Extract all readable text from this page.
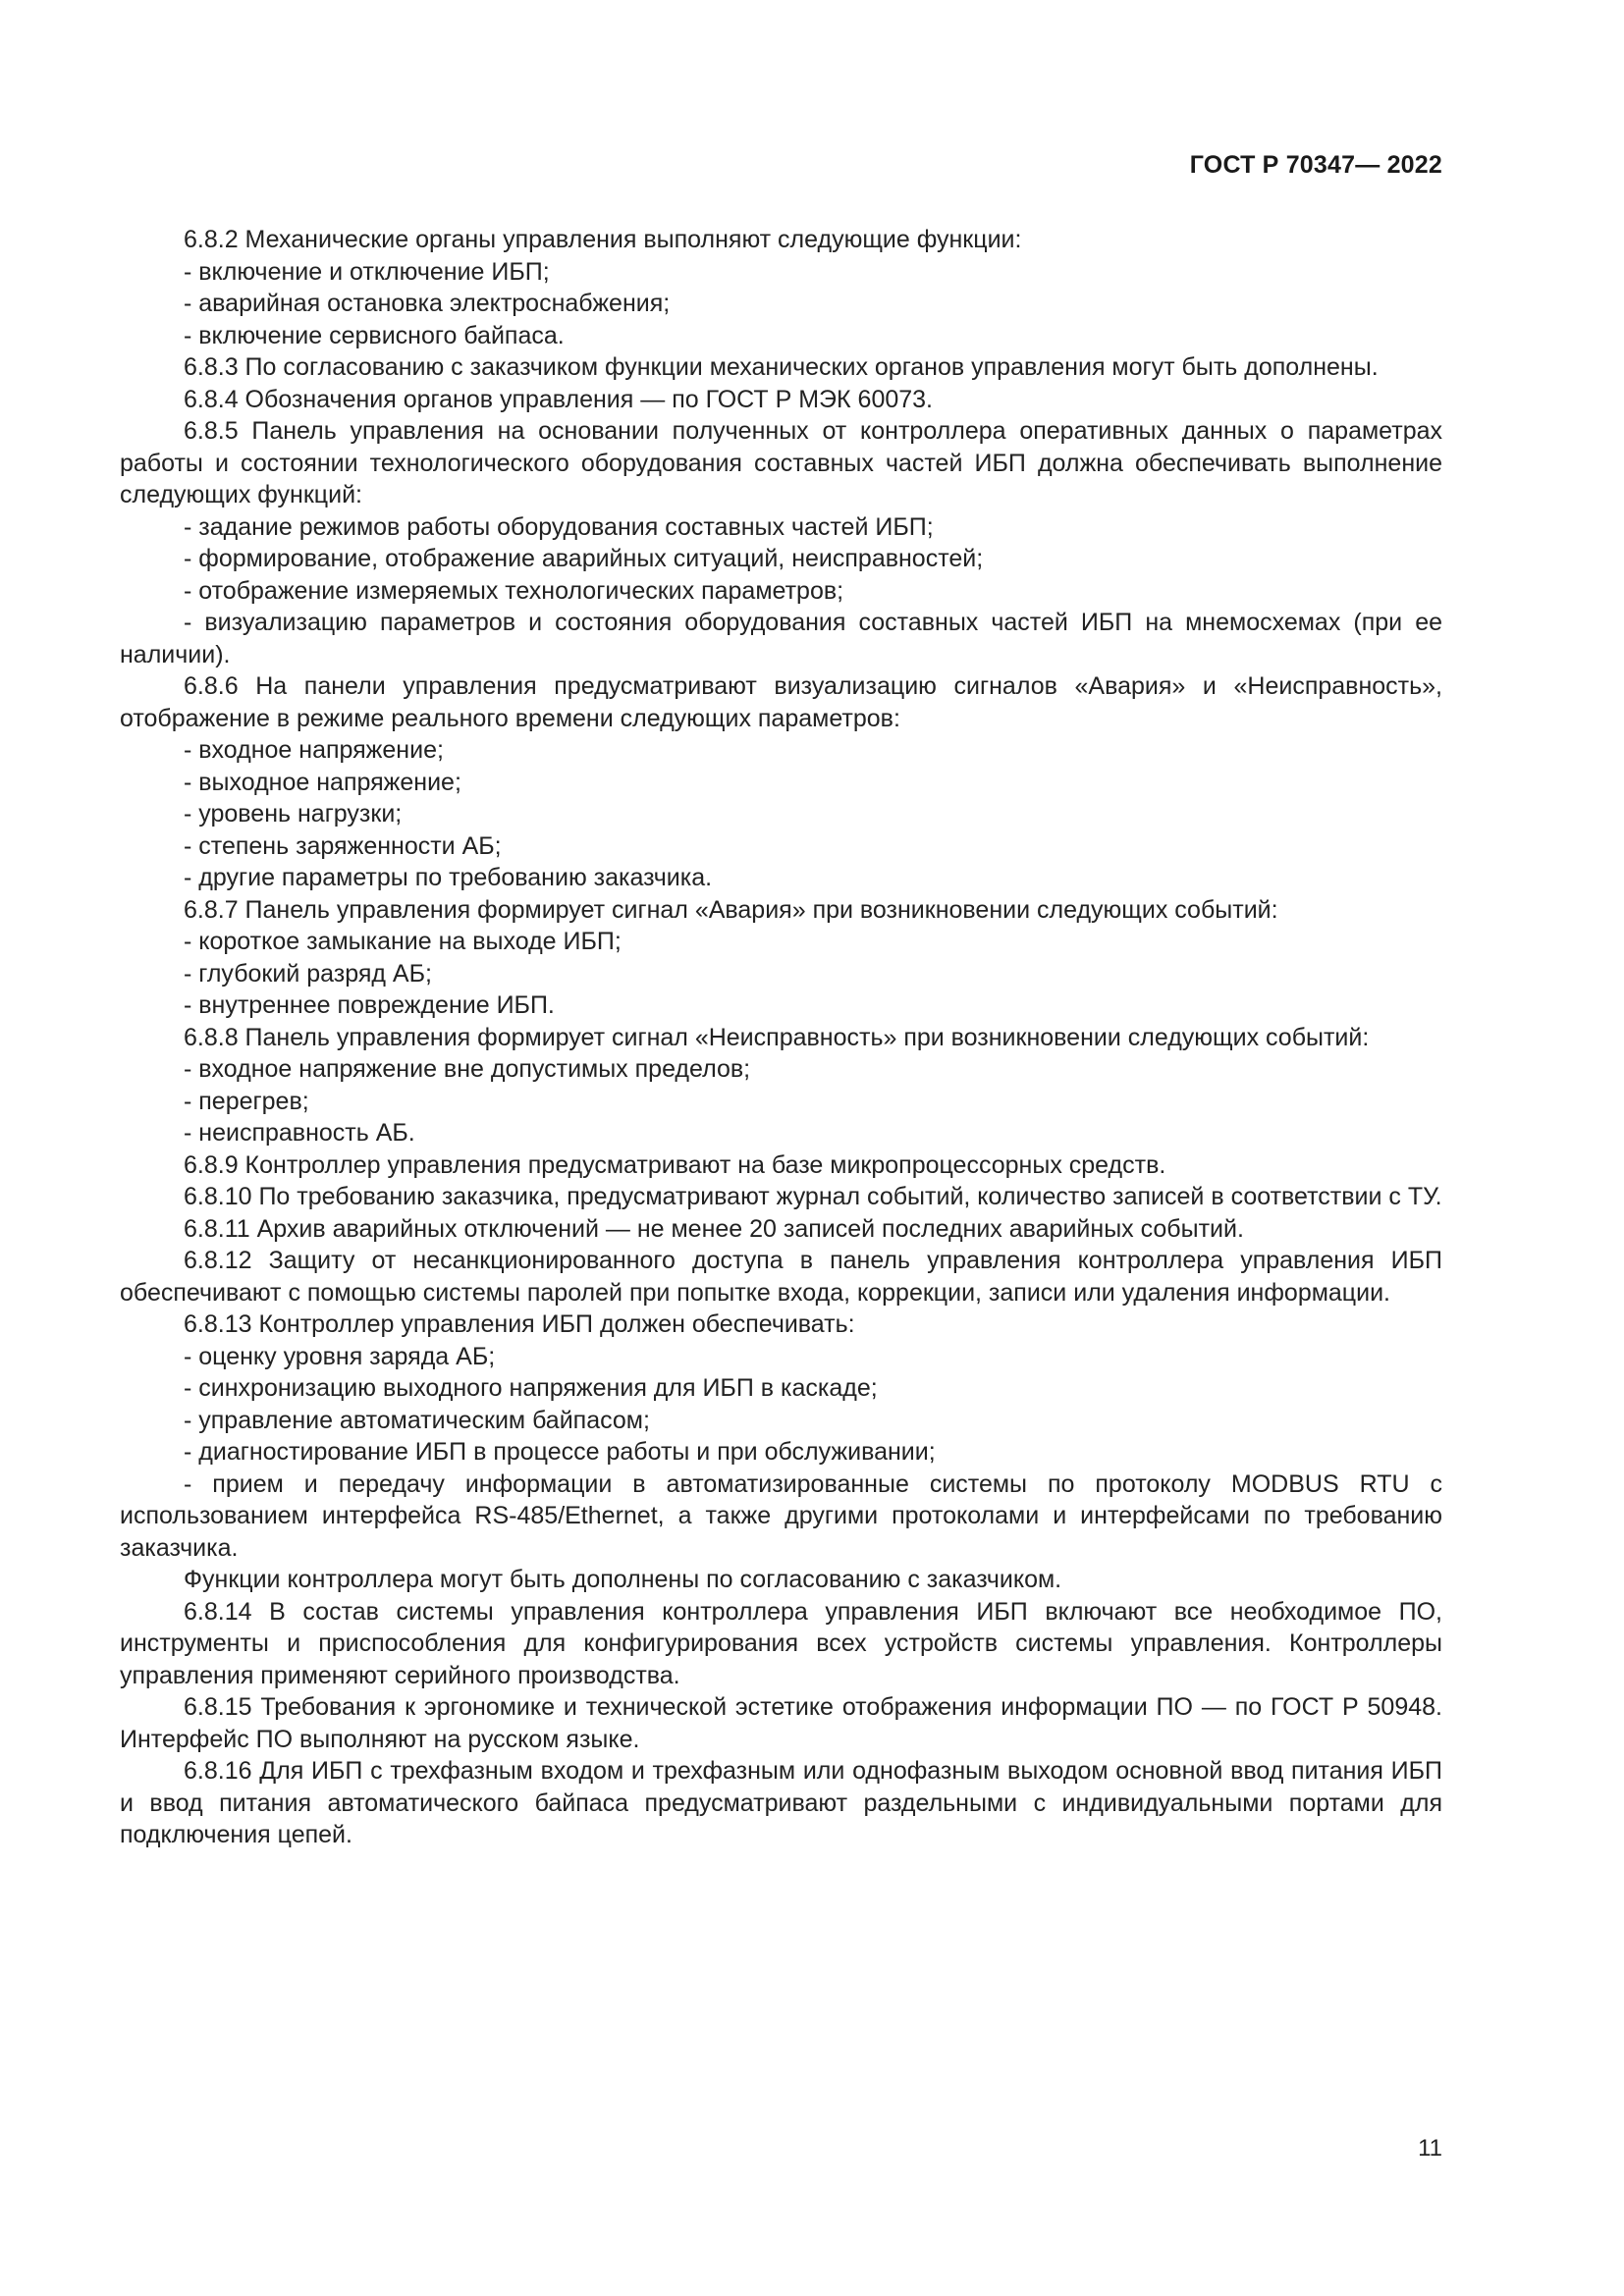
ГОСТ Р 70347— 2022

6.8.2 Механические органы управления выполняют следующие функции:

- включение и отключение ИБП;

- аварийная остановка электроснабжения;

- включение сервисного байпаса.

6.8.3 По согласованию с заказчиком функции механических органов управления могут быть дополнены.

6.8.4 Обозначения органов управления — по ГОСТ Р МЭК 60073.

6.8.5 Панель управления на основании полученных от контроллера оперативных данных о параметрах работы и состоянии технологического оборудования составных частей ИБП должна обеспечивать выполнение следующих функций:

- задание режимов работы оборудования составных частей ИБП;

- формирование, отображение аварийных ситуаций, неисправностей;

- отображение измеряемых технологических параметров;

- визуализацию параметров и состояния оборудования составных частей ИБП на мнемосхемах (при ее наличии).

6.8.6 На панели управления предусматривают визуализацию сигналов «Авария» и «Неисправность», отображение в режиме реального времени следующих параметров:

- входное напряжение;

- выходное напряжение;

- уровень нагрузки;

- степень заряженности АБ;

- другие параметры по требованию заказчика.

6.8.7 Панель управления формирует сигнал «Авария» при возникновении следующих событий:

- короткое замыкание на выходе ИБП;

- глубокий разряд АБ;

- внутреннее повреждение ИБП.

6.8.8 Панель управления формирует сигнал «Неисправность» при возникновении следующих событий:

- входное напряжение вне допустимых пределов;

- перегрев;

- неисправность АБ.

6.8.9 Контроллер управления предусматривают на базе микропроцессорных средств.

6.8.10 По требованию заказчика, предусматривают журнал событий, количество записей в соответствии с ТУ.

6.8.11 Архив аварийных отключений — не менее 20 записей последних аварийных событий.

6.8.12 Защиту от несанкционированного доступа в панель управления контроллера управления ИБП обеспечивают с помощью системы паролей при попытке входа, коррекции, записи или удаления информации.

6.8.13 Контроллер управления ИБП должен обеспечивать:

- оценку уровня заряда АБ;

- синхронизацию выходного напряжения для ИБП в каскаде;

- управление автоматическим байпасом;

- диагностирование ИБП в процессе работы и при обслуживании;

- прием и передачу информации в автоматизированные системы по протоколу MODBUS RTU с использованием интерфейса RS-485/Ethernet, а также другими протоколами и интерфейсами по требованию заказчика.

Функции контроллера могут быть дополнены по согласованию с заказчиком.

6.8.14 В состав системы управления контроллера управления ИБП включают все необходимое ПО, инструменты и приспособления для конфигурирования всех устройств системы управления. Контроллеры управления применяют серийного производства.

6.8.15 Требования к эргономике и технической эстетике отображения информации ПО — по ГОСТ Р 50948. Интерфейс ПО выполняют на русском языке.

6.8.16 Для ИБП с трехфазным входом и трехфазным или однофазным выходом основной ввод питания ИБП и ввод питания автоматического байпаса предусматривают раздельными с индивидуальными портами для подключения цепей.

11
